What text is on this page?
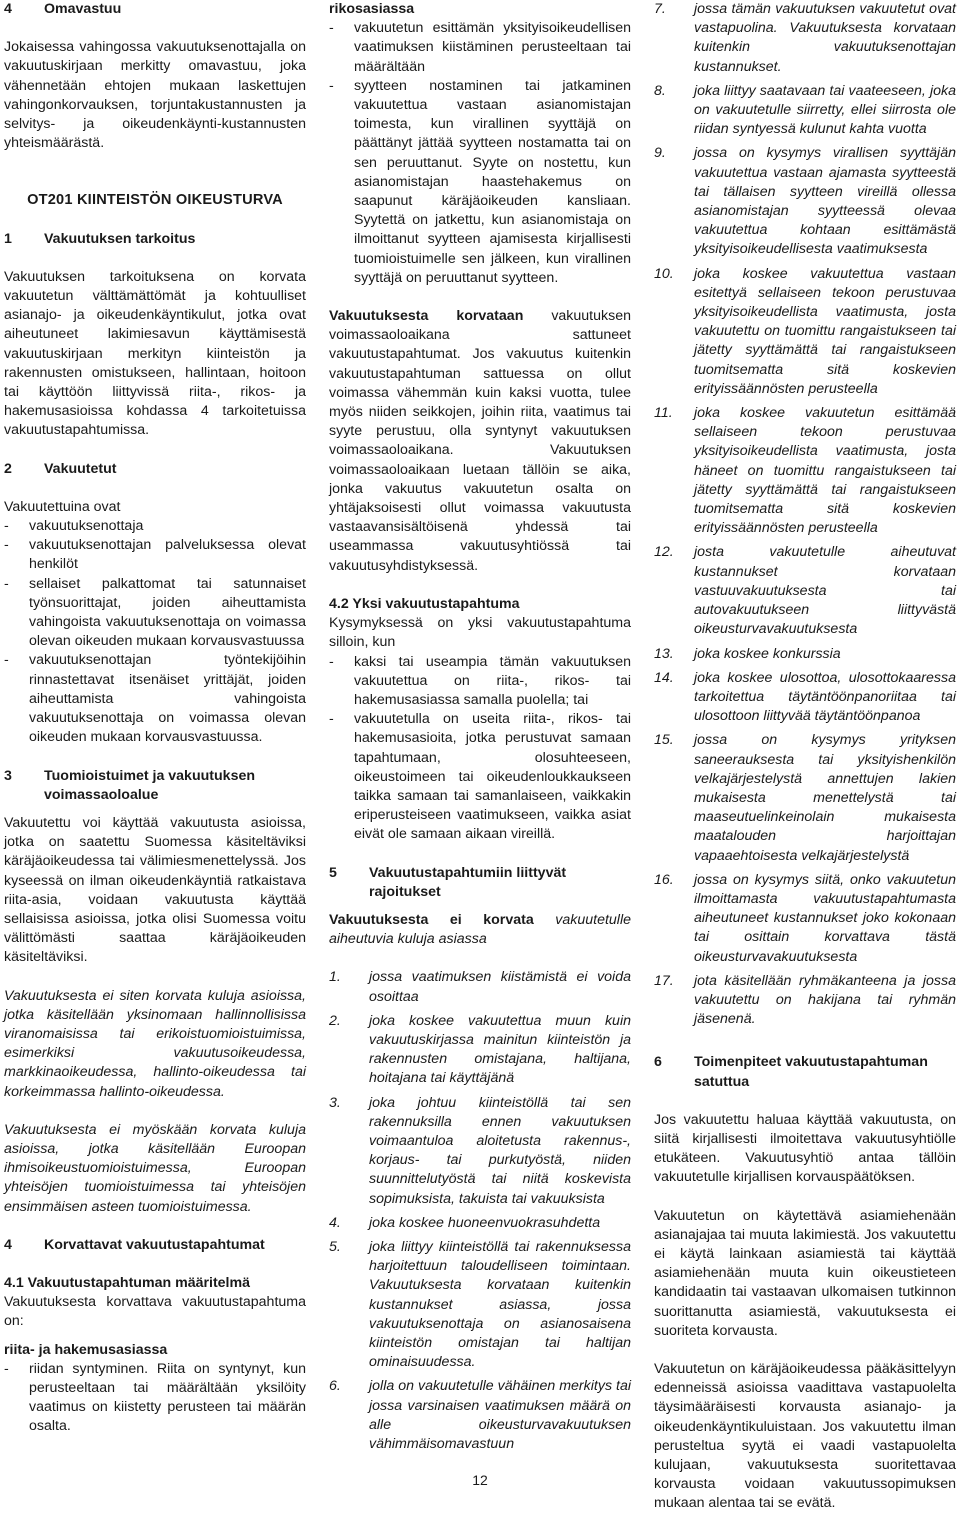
4	Omavastuu

Jokaisessa vahingossa vakuutuksenottajalla on vakuutuskirjaan merkitty omavastuu, joka vähennetään ehtojen mukaan laskettujen vahingonkorvauksen, torjuntakustannusten ja selvitys- ja oikeudenkäynti-kustannusten yhteismäärästä.

OT201 KIINTEISTÖN OIKEUSTURVA
1	Vakuutuksen tarkoitus

Vakuutuksen tarkoituksena on korvata vakuutetun välttämättömät ja kohtuulliset asianajo- ja oikeudenkäyntikulut, jotka ovat aiheutuneet lakimiesavun käyttämisestä vakuutuskirjaan merkityn kiinteistön ja rakennusten omistukseen, hallintaan, hoitoon tai käyttöön liittyvissä riita-, rikos- ja hakemusasioissa kohdassa 4 tarkoitetuissa vakuutustapahtumissa.

2	Vakuutetut

Vakuutettuina ovat

-	vakuutuksenottaja
-	vakuutuksenottajan palveluksessa olevat henkilöt
-	sellaiset palkattomat tai satunnaiset työnsuorittajat, joiden aiheuttamista vahingoista vakuutuksenottaja on voimassa olevan oikeuden mukaan korvausvastuussa
-	vakuutuksenottajan työntekijöihin rinnastettavat itsenäiset yrittäjät, joiden aiheuttamista vahingoista vakuutuksenottaja on voimassa olevan oikeuden mukaan korvausvastuussa.
3	Tuomioistuimet ja vakuutuksen voimassaoloalue

Vakuutettu voi käyttää vakuutusta asioissa, jotka on saatettu Suomessa käsiteltäviksi käräjäoikeudessa tai välimiesmenettelyssä. Jos kyseessä on ilman oikeudenkäyntiä ratkaistava riita-asia, voidaan vakuutusta käyttää sellaisissa asioissa, jotka olisi Suomessa voitu välittömästi saattaa käräjäoikeuden käsiteltäviksi.

Vakuutuksesta ei siten korvata kuluja asioissa, jotka käsitellään yksinomaan hallinnollisissa viranomaisissa tai erikoistuomioistuimissa, esimerkiksi vakuutusoikeudessa, markkinaoikeudessa, hallinto-oikeudessa tai korkeimmassa hallinto-oikeudessa.

Vakuutuksesta ei myöskään korvata kuluja asioissa, jotka käsitellään Euroopan ihmisoikeustuomioistuimessa, Euroopan yhteisöjen tuomioistuimessa tai yhteisöjen ensimmäisen asteen tuomioistuimessa.

4	Korvattavat vakuutustapahtumat
4.1 Vakuutustapahtuman määritelmä

Vakuutuksesta korvattava vakuutustapahtuma on:

riita- ja hakemusasiassa

-	riidan syntyminen. Riita on syntynyt, kun perusteeltaan tai määrältään yksilöity vaatimus on kiistetty perusteen tai määrän osalta.

rikosasiassa

-	vakuutetun esittämän yksityisoikeudellisen vaatimuksen kiistäminen perusteeltaan tai määrältään
-	syytteen nostaminen tai jatkaminen vakuutettua vastaan asianomistajan toimesta, kun virallinen syyttäjä on päättänyt jättää syytteen nostamatta tai on sen peruuttanut. Syyte on nostettu, kun asianomistajan haastehakemus on saapunut käräjäoikeuden kansliaan. Syytettä on jatkettu, kun asianomistaja on ilmoittanut syytteen ajamisesta kirjallisesti tuomioistuimelle sen jälkeen, kun virallinen syyttäjä on peruuttanut syytteen.

Vakuutuksesta korvataan vakuutuksen voimassaoloaikana sattuneet vakuutustapahtumat. Jos vakuutus kuitenkin vakuutustapahtuman sattuessa on ollut voimassa vähemmän kuin kaksi vuotta, tulee myös niiden seikkojen, joihin riita, vaatimus tai syyte perustuu, olla syntynyt vakuutuksen voimassaoloaikana. Vakuutuksen voimassaoloaikaan luetaan tällöin se aika, jonka vakuutus vakuutetun osalta on yhtäjaksoisesti ollut voimassa vakuutusta vastaavansisältöisenä yhdessä tai useammassa vakuutusyhtiössä tai vakuutusyhdistyksessä.

4.2 Yksi vakuutustapahtuma

Kysymyksessä on yksi vakuutustapahtuma silloin, kun

-	kaksi tai useampia tämän vakuutuksen vakuutettua on riita-, rikos- tai hakemusasiassa samalla puolella; tai
-	vakuutetulla on useita riita-, rikos- tai hakemusasioita, jotka perustuvat samaan tapahtumaan, olosuhteeseen, oikeustoimeen tai oikeudenloukkaukseen taikka samaan tai samanlaiseen, vaikkakin eriperusteiseen vaatimukseen, vaikka asiat eivät ole samaan aikaan vireillä.
5	Vakuutustapahtumiin liittyvät rajoitukset

Vakuutuksesta ei korvata vakuutetulle aiheutuvia kuluja asiassa

1.	jossa vaatimuksen kiistämistä ei voida osoittaa
2.	joka koskee vakuutettua muun kuin vakuutuskirjassa mainitun kiinteistön ja rakennusten omistajana, haltijana, hoitajana tai käyttäjänä
3.	joka johtuu kiinteistöllä tai sen rakennuksilla ennen vakuutuksen voimaantuloa aloitetusta rakennus-, korjaus- tai purkutyöstä, niiden suunnittelutyöstä tai niitä koskevista sopimuksista, takuista tai vakuuksista
4.	joka koskee huoneenvuokrasuhdetta
5.	joka liittyy kiinteistöllä tai rakennuksessa harjoitettuun taloudelliseen toimintaan. Vakuutuksesta korvataan kuitenkin kustannukset asiassa, jossa vakuutuksenottaja on asianosaisena kiinteistön omistajan tai haltijan ominaisuudessa.
6.	jolla on vakuutetulle vähäinen merkitys tai jossa varsinaisen vaatimuksen määrä on alle oikeusturvavakuutuksen vähimmäisomavastuun
7.	jossa tämän vakuutuksen vakuutetut ovat vastapuolina. Vakuutuksesta korvataan kuitenkin vakuutuksenottajan kustannukset.
8.	joka liittyy saatavaan tai vaateeseen, joka on vakuutetulle siirretty, ellei siirrosta ole riidan syntyessä kulunut kahta vuotta
9.	jossa on kysymys virallisen syyttäjän vakuutettua vastaan ajamasta syytteestä tai tällaisen syytteen vireillä ollessa asianomistajan syytteessä olevaa vakuutettua kohtaan esittämästä yksityisoikeudellisesta vaatimuksesta
10.	joka koskee vakuutettua vastaan esitettyä sellaiseen tekoon perustuvaa yksityisoikeudellista vaatimusta, josta vakuutettu on tuomittu rangaistukseen tai jätetty syyttämättä tai rangaistukseen tuomitsematta sitä koskevien erityissäännösten perusteella
11.	joka koskee vakuutetun esittämää sellaiseen tekoon perustuvaa yksityisoikeudellista vaatimusta, josta häneet on tuomittu rangaistukseen tai jätetty syyttämättä tai rangaistukseen tuomitsematta sitä koskevien erityissäännösten perusteella
12.	josta vakuutetulle aiheutuvat kustannukset korvataan vastuuvakuutuksesta tai autovakuutukseen liittyvästä oikeusturvavakuutuksesta
13.	joka koskee konkurssia
14.	joka koskee ulosottoa, ulosottokaaressa tarkoitettua täytäntöönpanoriitaa tai ulosottoon liittyvää täytäntöönpanoa
15.	jossa on kysymys yrityksen saneerauksesta tai yksityishenkilön velkajärjestelystä annettujen lakien mukaisesta menettelystä tai maaseutuelinkeinolain mukaisesta maatalouden harjoittajan vapaaehtoisesta velkajärjestelystä
16.	jossa on kysymys siitä, onko vakuutetun ilmoittamasta vakuutustapahtumasta aiheutuneet kustannukset joko kokonaan tai osittain korvattava tästä oikeusturvavakuutuksesta
17.	jota käsitellään ryhmäkanteena ja jossa vakuutettu on hakijana tai ryhmän jäsenenä.
6	Toimenpiteet vakuutustapahtuman satuttua

Jos vakuutettu haluaa käyttää vakuutusta, on siitä kirjallisesti ilmoitettava vakuutusyhtiölle etukäteen. Vakuutusyhtiö antaa tällöin vakuutetulle kirjallisen korvauspäätöksen.

Vakuutetun on käytettävä asiamiehenään asianajajaa tai muuta lakimiestä. Jos vakuutettu ei käytä lainkaan asiamiestä tai käyttää asiamiehenään muuta kuin oikeustieteen kandidaatin tai vastaavan ulkomaisen tutkinnon suorittanutta asiamiestä, vakuutuksesta ei suoriteta korvausta.

Vakuutetun on käräjäoikeudessa pääkäsittelyyn edenneissä asioissa vaadittava vastapuolelta täysimääräisesti korvausta asianajo- ja oikeudenkäyntikuluistaan. Jos vakuutettu ilman perusteltua syytä ei vaadi vastapuolelta kulujaan, vakuutuksesta suoritettavaa korvausta voidaan vakuutussopimuksen mukaan alentaa tai se evätä.

12
